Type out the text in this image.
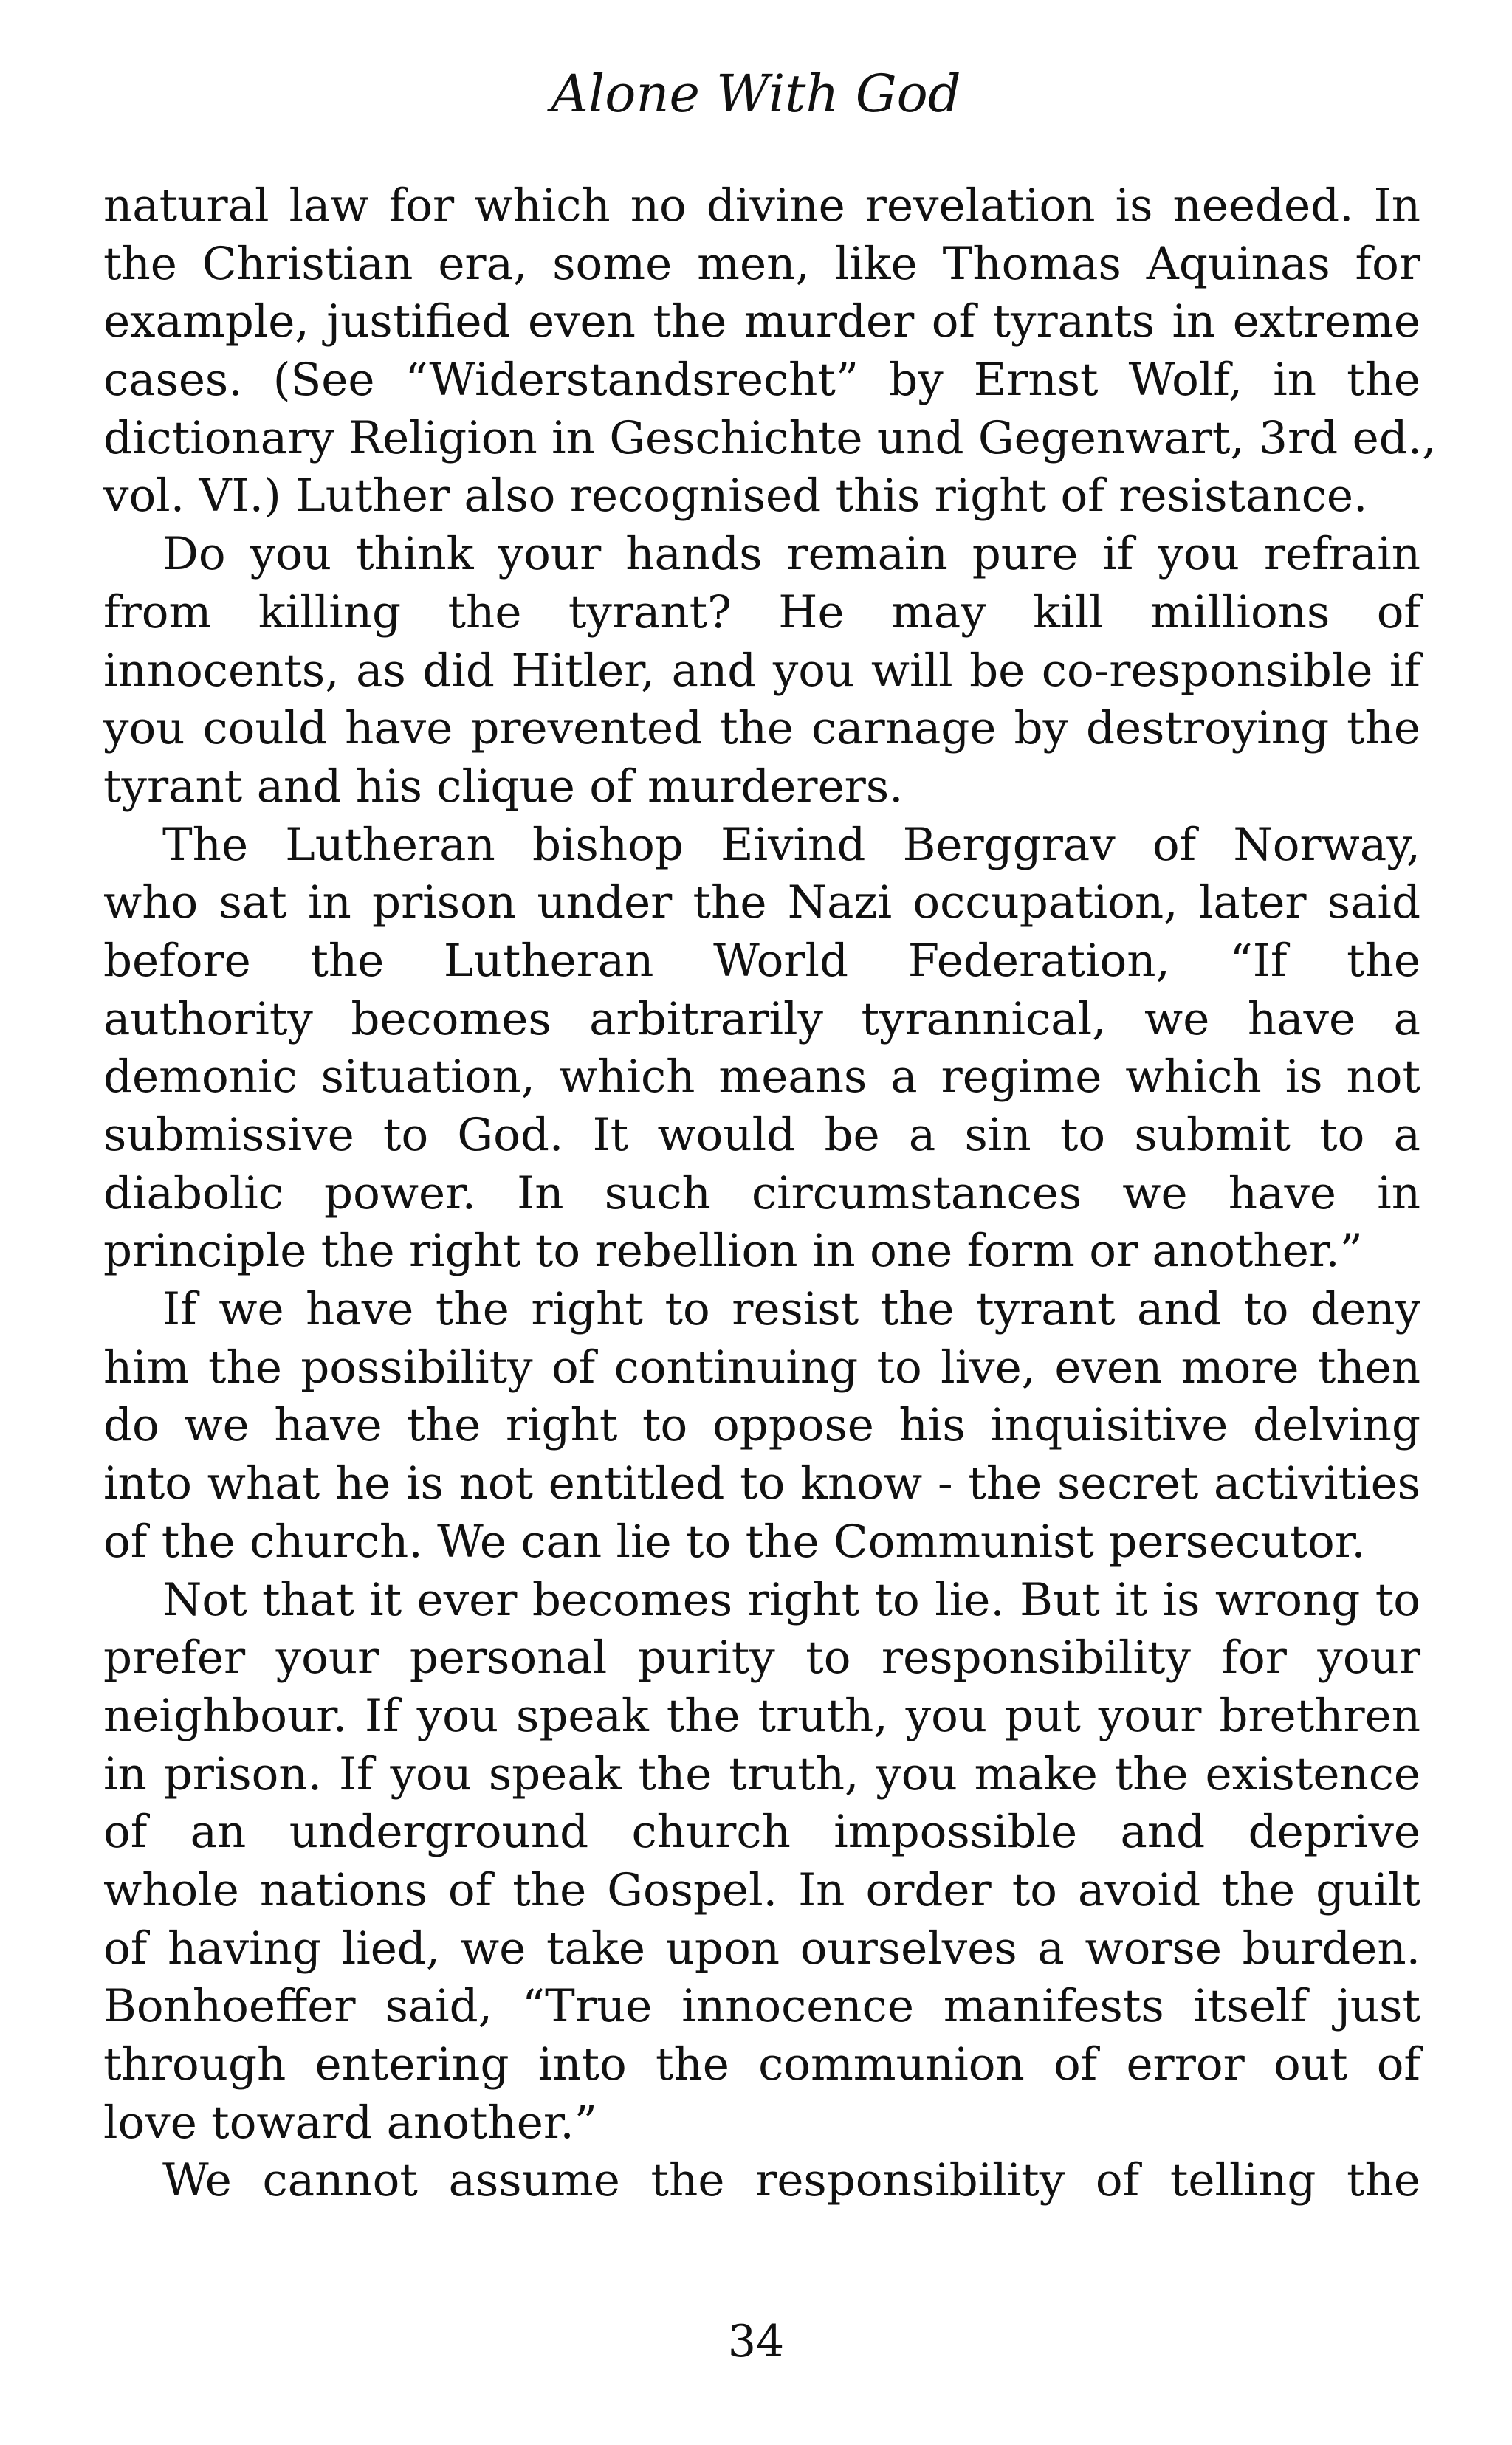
Alone With God
natural law for which no divine revelation is needed. In
the Christian era, some men, like Thomas Aquinas for
example, justified even the murder of tyrants in extreme
cases. (See “Widerstandsrecht” by Ernst Wolf, in the
dictionary Religion in Geschichte und Gegenwart, 3rd ed.,
vol. VI.) Luther also recognised this right of resistance.
Do you think your hands remain pure if you refrain
from killing the tyrant? He may kill millions of
innocents, as did Hitler, and you will be co-responsible if
you could have prevented the carnage by destroying the
tyrant and his clique of murderers.
The Lutheran bishop Eivind Berggrav of Norway,
who sat in prison under the Nazi occupation, later said
before the Lutheran World Federation, “If the
authority becomes arbitrarily tyrannical, we have a
demonic situation, which means a regime which is not
submissive to God. It would be a sin to submit to a
diabolic power. In such circumstances we have in
principle the right to rebellion in one form or another.”
If we have the right to resist the tyrant and to deny
him the possibility of continuing to live, even more then
do we have the right to oppose his inquisitive delving
into what he is not entitled to know - the secret activities
of the church. We can lie to the Communist persecutor.
Not that it ever becomes right to lie. But it is wrong to
prefer your personal purity to responsibility for your
neighbour. If you speak the truth, you put your brethren
in prison. If you speak the truth, you make the existence
of an underground church impossible and deprive
whole nations of the Gospel. In order to avoid the guilt
of having lied, we take upon ourselves a worse burden.
Bonhoeffer said, “True innocence manifests itself just
through entering into the communion of error out of
love toward another.”
We cannot assume the responsibility of telling the
34
